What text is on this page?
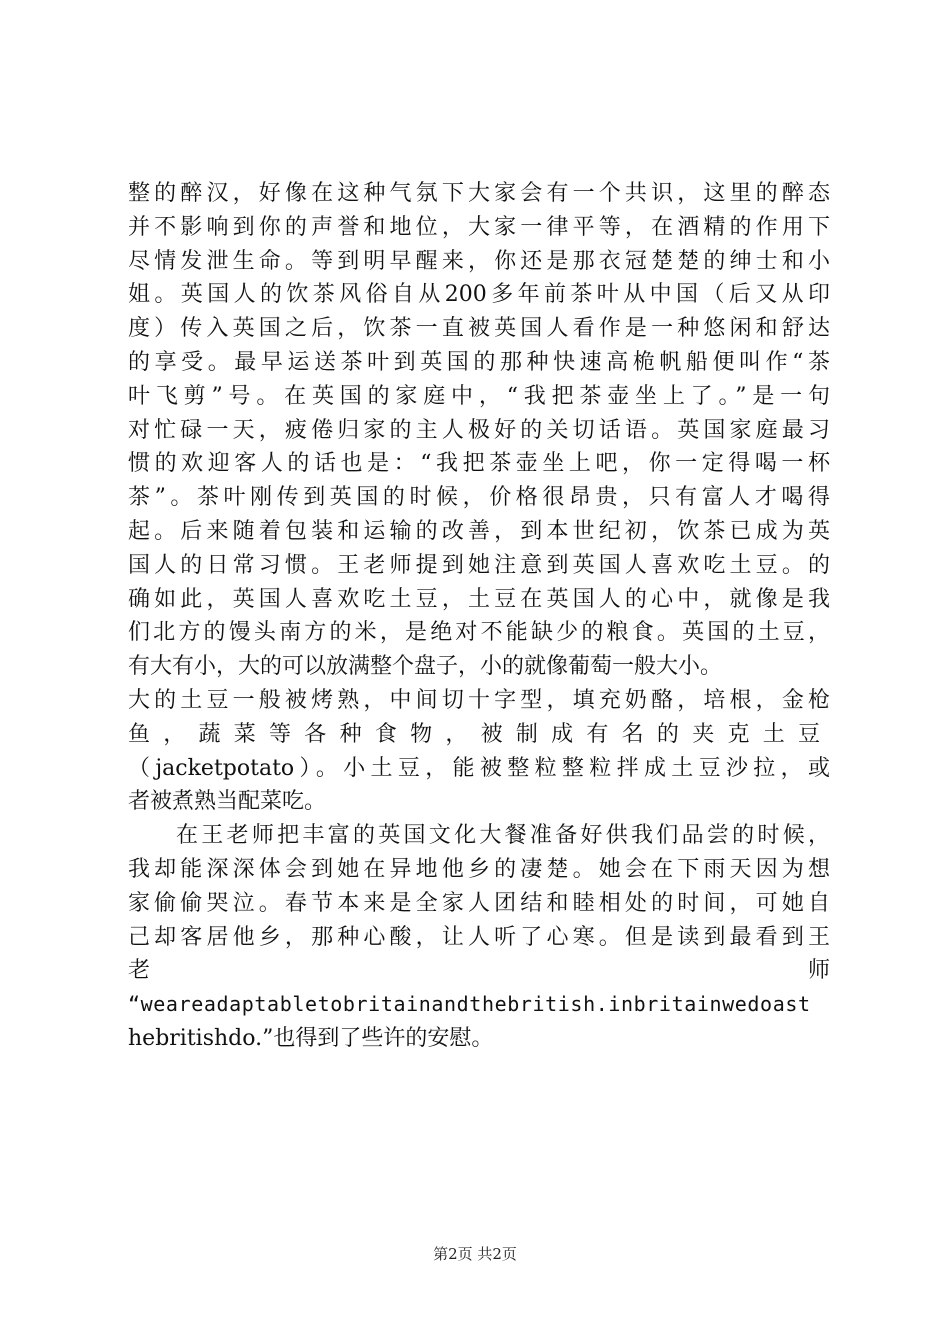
整的醉汉，好像在这种气氛下大家会有一个共识，这里的醉态
并不影响到你的声誉和地位，大家一律平等，在酒精的作用下
尽情发泄生命。等到明早醒来，你还是那衣冠楚楚的绅士和小
姐。英国人的饮茶风俗自从200多年前茶叶从中国（后又从印
度）传入英国之后，饮茶一直被英国人看作是一种悠闲和舒达
的享受。最早运送茶叶到英国的那种快速高桅帆船便叫作“茶
叶飞剪”号。在英国的家庭中，“我把茶壶坐上了。”是一句
对忙碌一天，疲倦归家的主人极好的关切话语。英国家庭最习
惯的欢迎客人的话也是：“我把茶壶坐上吧，你一定得喝一杯
茶”。茶叶刚传到英国的时候，价格很昂贵，只有富人才喝得
起。后来随着包装和运输的改善，到本世纪初，饮茶已成为英
国人的日常习惯。王老师提到她注意到英国人喜欢吃土豆。的
确如此，英国人喜欢吃土豆，土豆在英国人的心中，就像是我
们北方的馒头南方的米，是绝对不能缺少的粮食。英国的土豆，
有大有小，大的可以放满整个盘子，小的就像葡萄一般大小。
大的土豆一般被烤熟，中间切十字型，填充奶酪，培根，金枪
鱼，蔬菜等各种食物，被制成有名的夹克土豆
（jacketpotato）。小土豆，能被整粒整粒拌成土豆沙拉，或
者被煮熟当配菜吃。
在王老师把丰富的英国文化大餐准备好供我们品尝的时候，
我却能深深体会到她在异地他乡的凄楚。她会在下雨天因为想
家偷偷哭泣。春节本来是全家人团结和睦相处的时间，可她自
己却客居他乡，那种心酸，让人听了心寒。但是读到最看到王
老	师
“weareadaptabletobritainandthebritish.inbritainwedoast
hebritishdo.”也得到了些许的安慰。
第2页 共2页
